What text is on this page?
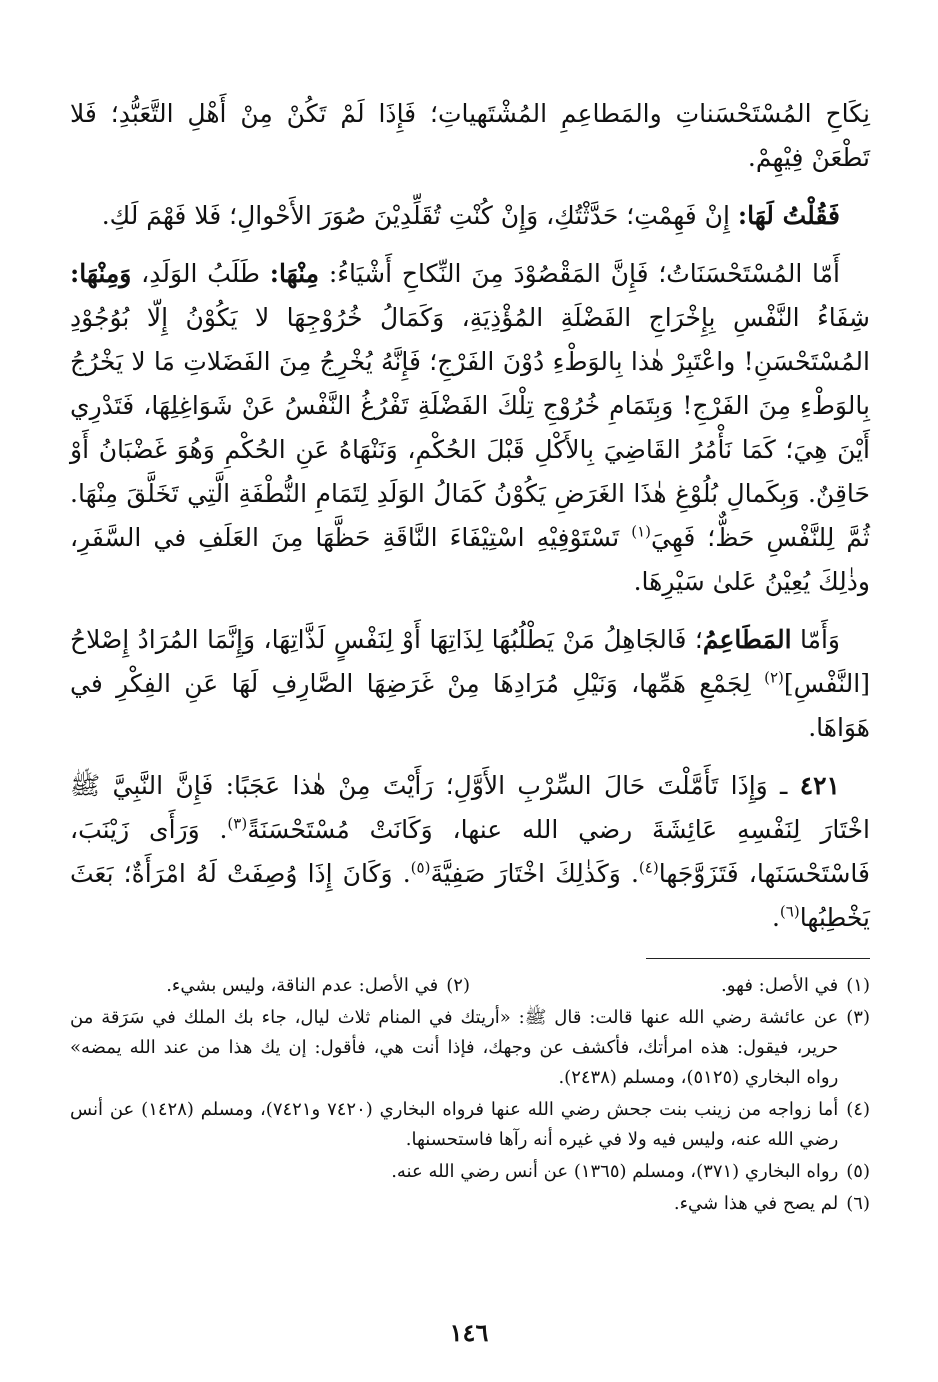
نِكَاحِ المُسْتَحْسَناتِ والمَطاعِمِ المُشْتَهياتِ؛ فَإِذَا لَمْ تَكُنْ مِنْ أَهْلِ التَّعَبُّدِ؛ فَلا تَطْعَنْ فِيْهِمْ.

فَقُلْتُ لَهَا: إِنْ فَهِمْتِ؛ حَدَّثْتُكِ، وَإِنْ كُنْتِ تُقَلِّدِيْنَ صُوَرَ الأَحْوالِ؛ فَلا فَهْمَ لَكِ.

أَمّا المُسْتَحْسَنَاتُ؛ فَإِنَّ المَقْصُوْدَ مِنَ النِّكاحِ أَشْيَاءُ: مِنْهَا: طَلَبُ الوَلَدِ، وَمِنْهَا: شِفَاءُ النَّفْسِ بِإِخْرَاجِ الفَضْلَةِ المُؤْذِيَةِ، وَكَمَالُ خُرُوْجِهَا لا يَكُوْنُ إِلّا بُوُجُوْدِ المُسْتَحْسَنِ! واعْتَبِرْ هٰذا بِالوَطْءِ دُوْنَ الفَرْجِ؛ فَإِنَّهُ يُخْرِجُ مِنَ الفَضَلاتِ مَا لا يَخْرُجُ بِالوَطْءِ مِنَ الفَرْجِ! وَبِتَمَامِ خُرُوْجِ تِلْكَ الفَضْلَةِ تَفْرُغُ النَّفْسُ عَنْ شَوَاغِلِهَا، فَتَدْرِي أَيْنَ هِيَ؛ كَمَا نَأْمُرُ القَاضِيَ بِالأَكْلِ قَبْلَ الحُكْمِ، وَنَنْهَاهُ عَنِ الحُكْمِ وَهُوَ غَضْبَانُ أَوْ حَاقِنٌ. وَبِكَمالِ بُلُوْغِ هٰذَا الغَرَضِ يَكُوْنُ كَمَالُ الوَلَدِ لِتَمَامِ النُّطْفَةِ الَّتِي تَخَلَّقَ مِنْهَا. ثُمَّ لِلنَّفْسِ حَظٌّ؛ فَهِيَ$^{(١)}$ تَسْتَوْفِيْهِ اسْتِيْفَاءَ النَّاقَةِ حَظَّهَا مِنَ العَلَفِ في السَّفَرِ، وذٰلِكَ يُعِيْنُ عَلىٰ سَيْرِهَا.

وَأَمّا المَطَاعِمُ؛ فَالجَاهِلُ مَنْ يَطْلُبُهَا لِذَاتِهَا أَوْ لِنَفْسٍ لَذَّاتِهَا، وَإِنَّمَا المُرَادُ إِصْلاحُ [النَّفْسِ]$^{(٢)}$ لِجَمْعِ هَمِّها، وَنَيْلِ مُرَادِهَا مِنْ غَرَضِهَا الصَّارِفِ لَهَا عَنِ الفِكْرِ في هَوَاهَا.

٤٢١ ـ وَإِذَا تَأَمَّلْتَ حَالَ السِّرْبِ الأَوَّلِ؛ رَأَيْتَ مِنْ هٰذا عَجَبًا: فَإِنَّ النَّبِيَّ ﷺ اخْتَارَ لِنَفْسِهِ عَائِشَةَ رضي الله عنها، وَكَانَتْ مُسْتَحْسَنَةً$^{(٣)}$. وَرَأَى زَيْنَبَ، فَاسْتَحْسَنَها، فَتَزَوَّجَها$^{(٤)}$. وَكَذٰلِكَ اخْتَارَ صَفِيَّةَ$^{(٥)}$. وَكَانَ إِذَا وُصِفَتْ لَهُ امْرَأَةٌ؛ بَعَثَ يَخْطِبُها$^{(٦)}$.

(١)
في الأصل: فهو.
(٢)
في الأصل: عدم الناقة، وليس بشيء.
(٣)
عن عائشة رضي الله عنها قالت: قال ﷺ: «أريتك في المنام ثلاث ليال، جاء بك الملك في سَرَقة من حرير، فيقول: هذه امرأتك، فأكشف عن وجهك، فإذا أنت هي، فأقول: إن يك هذا من عند الله يمضه» رواه البخاري (٥١٢٥)، ومسلم (٢٤٣٨).
(٤)
أما زواجه من زينب بنت جحش رضي الله عنها فرواه البخاري (٧٤٢٠ و٧٤٢١)، ومسلم (١٤٢٨) عن أنس رضي الله عنه، وليس فيه ولا في غيره أنه رآها فاستحسنها.
(٥)
رواه البخاري (٣٧١)، ومسلم (١٣٦٥) عن أنس رضي الله عنه.
(٦)
لم يصح في هذا شيء.
١٤٦
